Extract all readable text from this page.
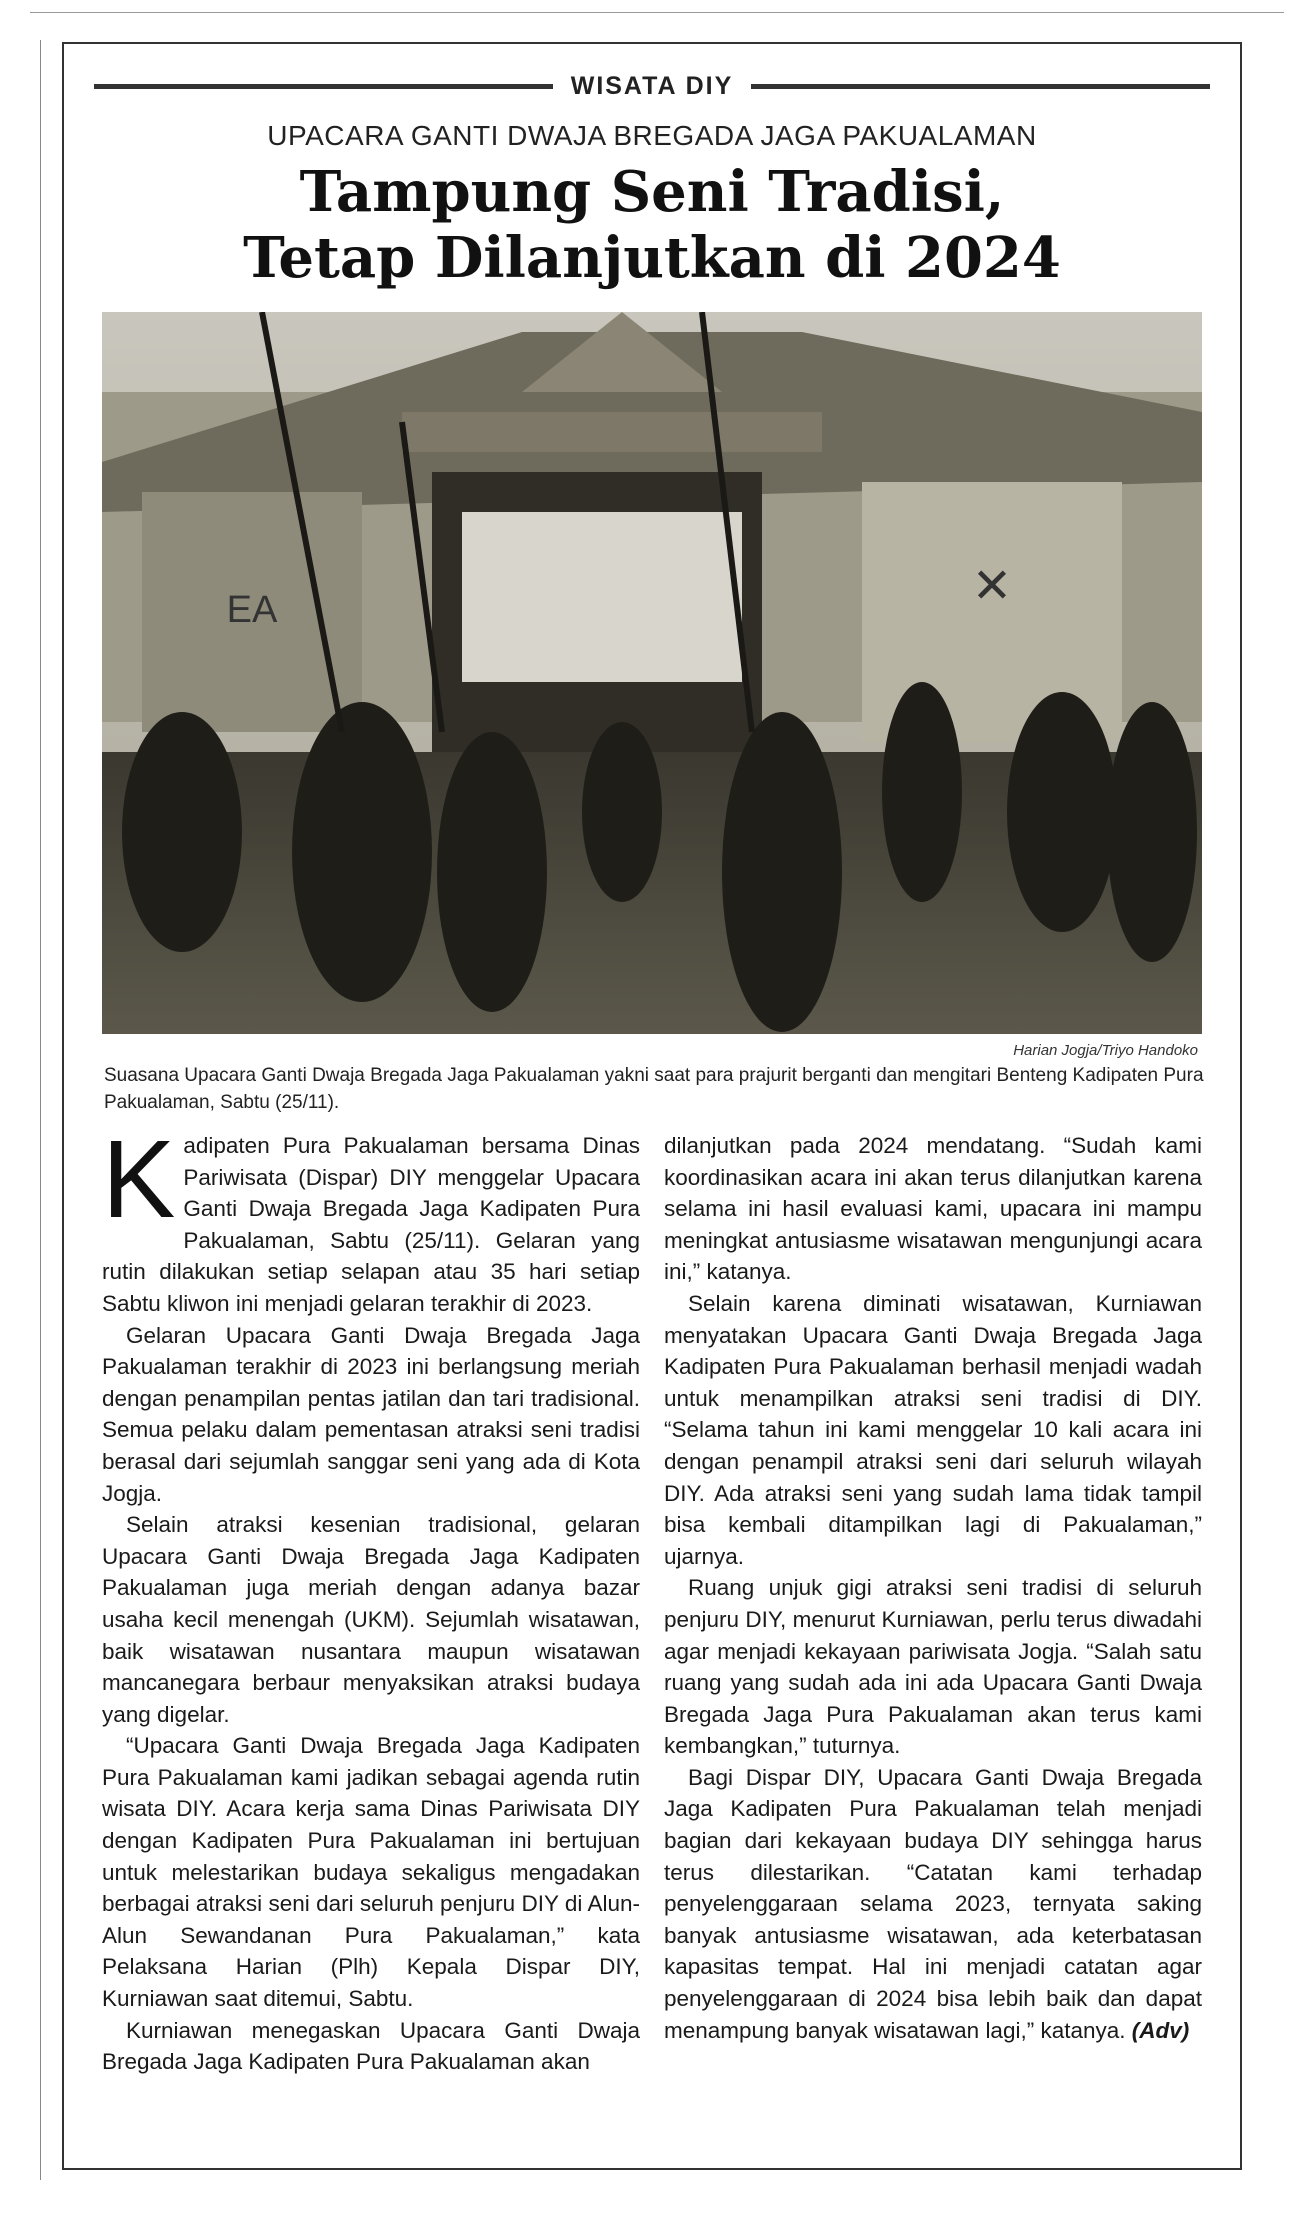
WISATA DIY
UPACARA GANTI DWAJA BREGADA JAGA PAKUALAMAN
Tampung Seni Tradisi,
Tetap Dilanjutkan di 2024
✕
EA
Harian Jogja/Triyo Handoko
Suasana Upacara Ganti Dwaja Bregada Jaga Pakualaman yakni saat para prajurit berganti dan mengitari Benteng Kadipaten Pura Pakualaman, Sabtu (25/11).

Kadipaten Pura Pakualaman bersama Dinas Pariwisata (Dispar) DIY menggelar Upacara Ganti Dwaja Bregada Jaga Kadipaten Pura Pakualaman, Sabtu (25/11). Gelaran yang rutin dilakukan setiap selapan atau 35 hari setiap Sabtu kliwon ini menjadi gelaran terakhir di 2023.

Gelaran Upacara Ganti Dwaja Bregada Jaga Pakualaman terakhir di 2023 ini berlangsung meriah dengan penampilan pentas jatilan dan tari tradisional. Semua pelaku dalam pementasan atraksi seni tradisi berasal dari sejumlah sanggar seni yang ada di Kota Jogja.

Selain atraksi kesenian tradisional, gelaran Upacara Ganti Dwaja Bregada Jaga Kadipaten Pakualaman juga meriah dengan adanya bazar usaha kecil menengah (UKM). Sejumlah wisatawan, baik wisatawan nusantara maupun wisatawan mancanegara berbaur menyaksikan atraksi budaya yang digelar.

“Upacara Ganti Dwaja Bregada Jaga Kadipaten Pura Pakualaman kami jadikan sebagai agenda rutin wisata DIY. Acara kerja sama Dinas Pariwisata DIY dengan Kadipaten Pura Pakualaman ini bertujuan untuk melestarikan budaya sekaligus mengadakan berbagai atraksi seni dari seluruh penjuru DIY di Alun-Alun Sewandanan Pura Pakualaman,” kata Pelaksana Harian (Plh) Kepala Dispar DIY, Kurniawan saat ditemui, Sabtu.

Kurniawan menegaskan Upacara Ganti Dwaja Bregada Jaga Kadipaten Pura Pakualaman akan

dilanjutkan pada 2024 mendatang. “Sudah kami koordinasikan acara ini akan terus dilanjutkan karena selama ini hasil evaluasi kami, upacara ini mampu meningkat antusiasme wisatawan mengunjungi acara ini,” katanya.

Selain karena diminati wisatawan, Kurniawan menyatakan Upacara Ganti Dwaja Bregada Jaga Kadipaten Pura Pakualaman berhasil menjadi wadah untuk menampilkan atraksi seni tradisi di DIY. “Selama tahun ini kami menggelar 10 kali acara ini dengan penampil atraksi seni dari seluruh wilayah DIY. Ada atraksi seni yang sudah lama tidak tampil bisa kembali ditampilkan lagi di Pakualaman,” ujarnya.

Ruang unjuk gigi atraksi seni tradisi di seluruh penjuru DIY, menurut Kurniawan, perlu terus diwadahi agar menjadi kekayaan pariwisata Jogja. “Salah satu ruang yang sudah ada ini ada Upacara Ganti Dwaja Bregada Jaga Pura Pakualaman akan terus kami kembangkan,” tuturnya.

Bagi Dispar DIY, Upacara Ganti Dwaja Bregada Jaga Kadipaten Pura Pakualaman telah menjadi bagian dari kekayaan budaya DIY sehingga harus terus dilestarikan. “Catatan kami terhadap penyelenggaraan selama 2023, ternyata saking banyak antusiasme wisatawan, ada keterbatasan kapasitas tempat. Hal ini menjadi catatan agar penyelenggaraan di 2024 bisa lebih baik dan dapat menampung banyak wisatawan lagi,” katanya. (Adv)
